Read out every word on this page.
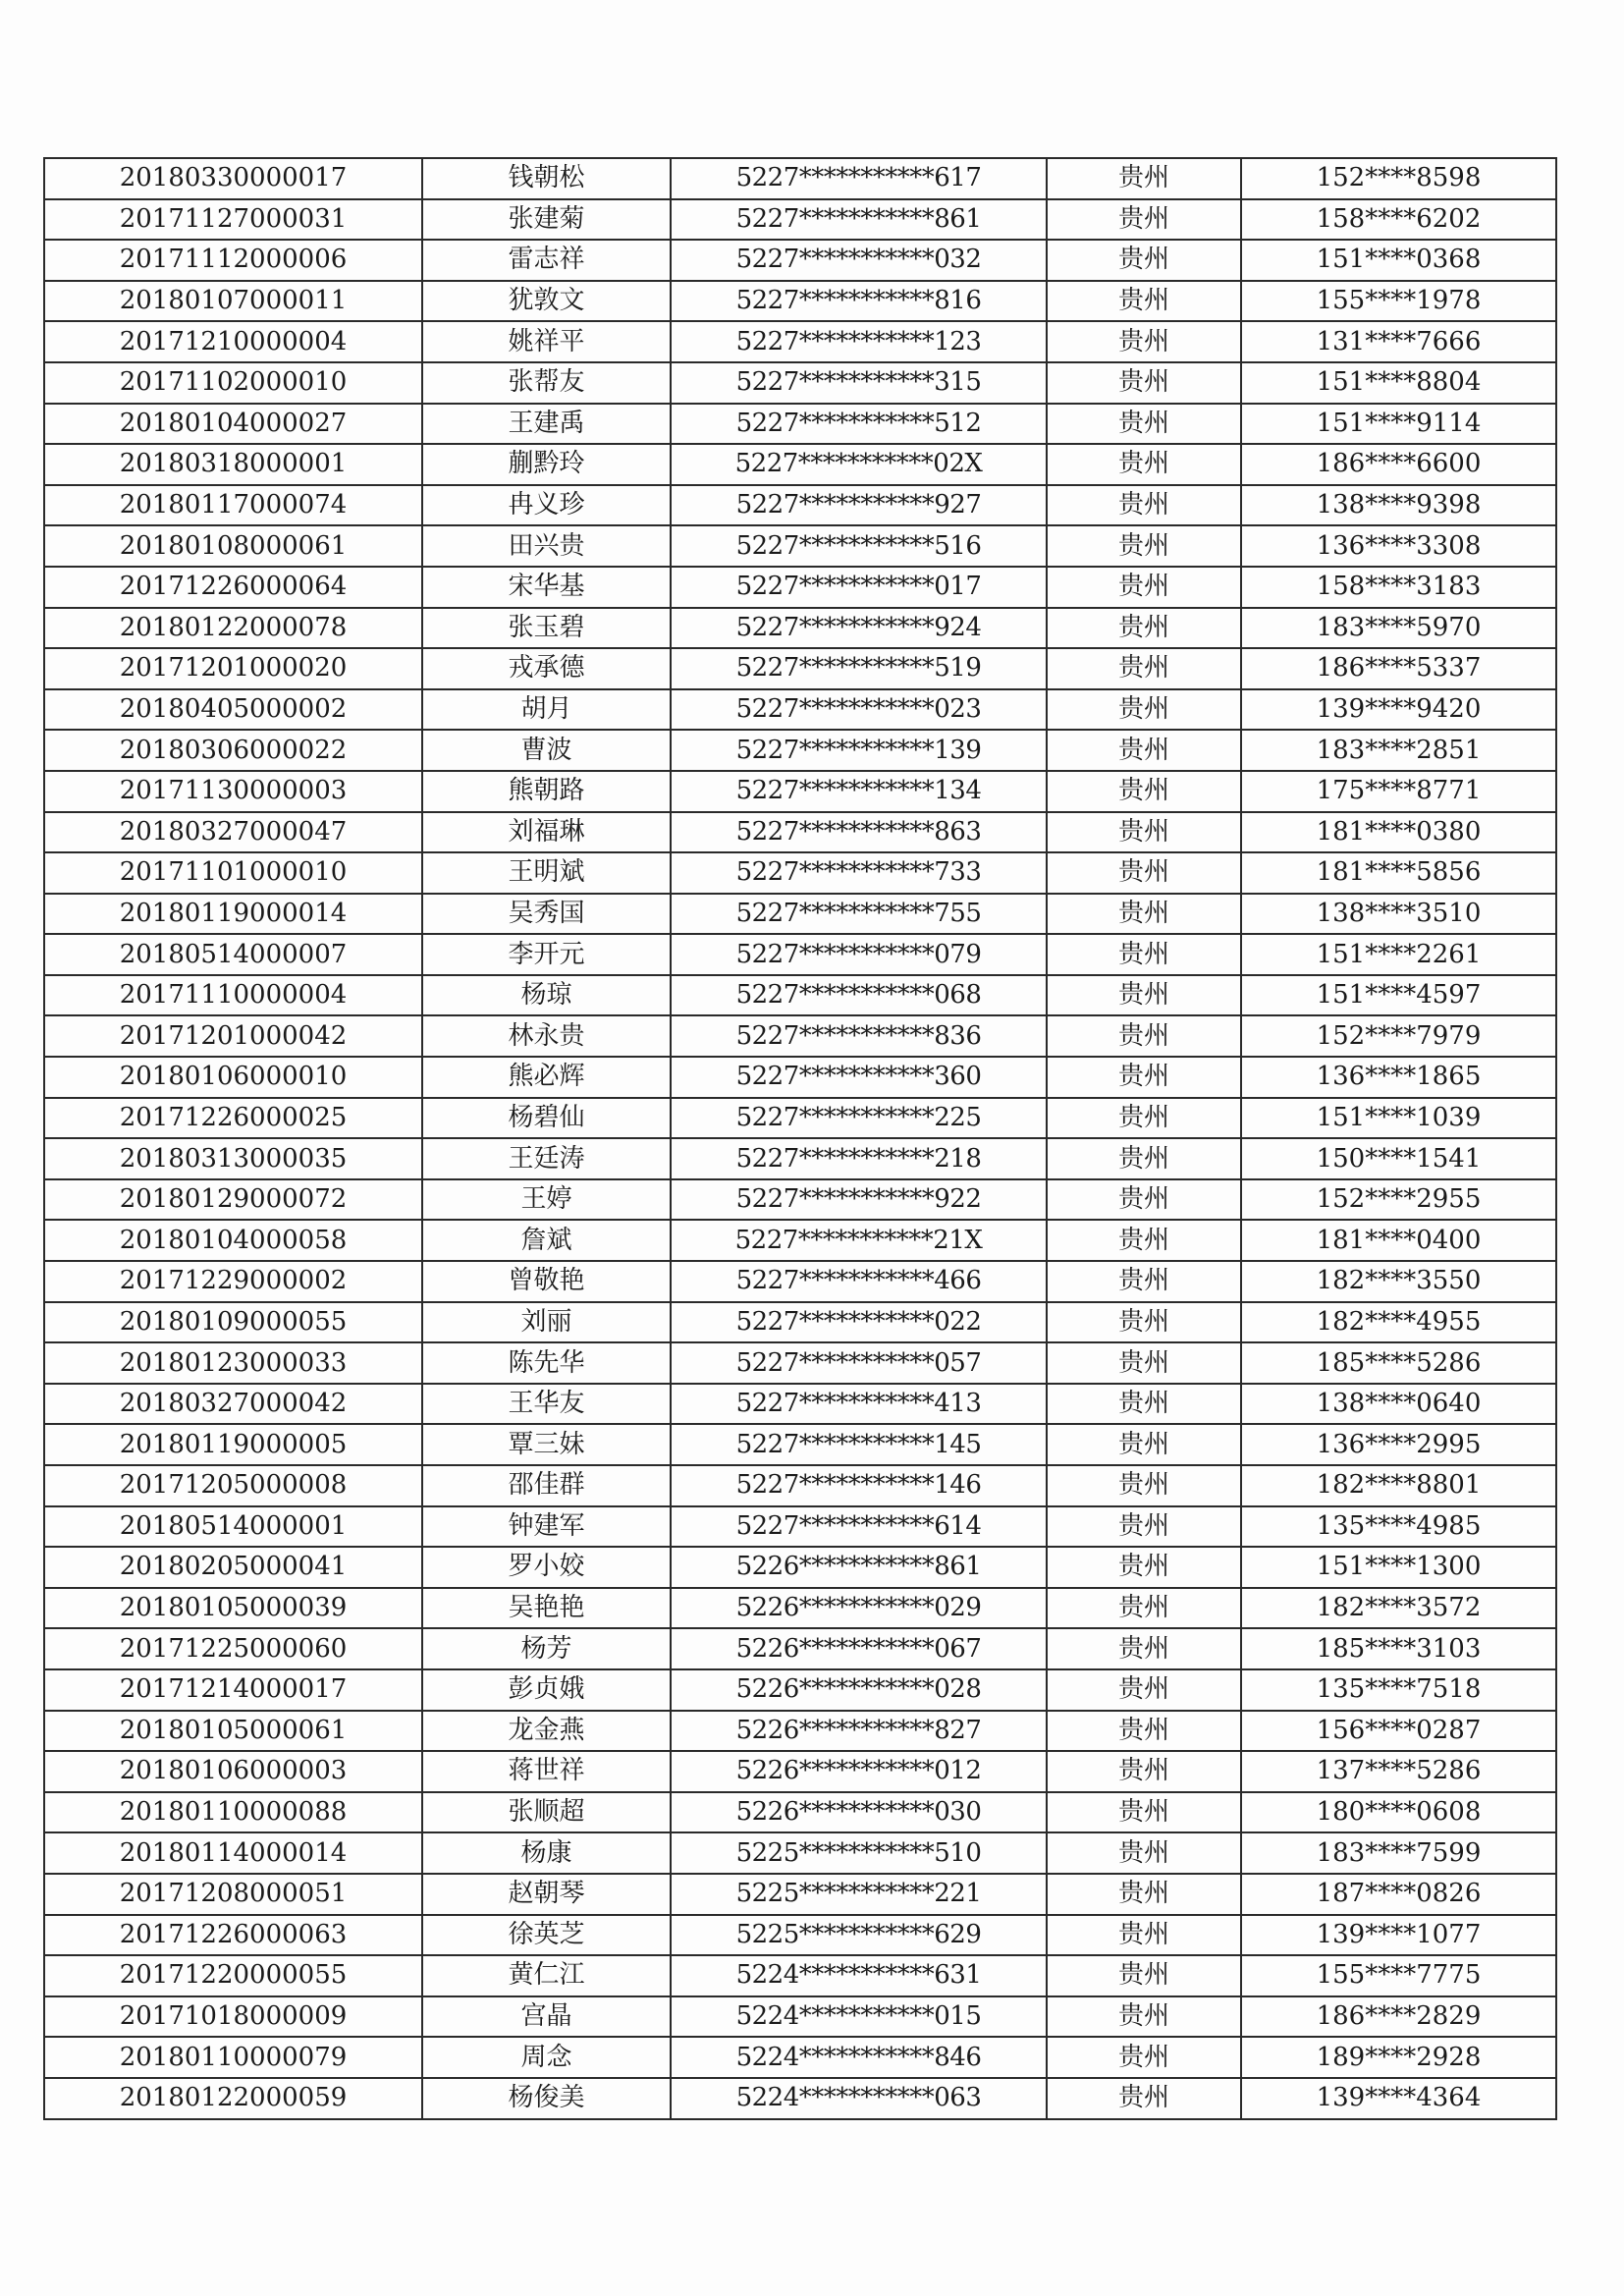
20180330000017	钱朝松	5227***********617	贵州	152****8598
20171127000031	张建菊	5227***********861	贵州	158****6202
20171112000006	雷志祥	5227***********032	贵州	151****0368
20180107000011	犹敦文	5227***********816	贵州	155****1978
20171210000004	姚祥平	5227***********123	贵州	131****7666
20171102000010	张帮友	5227***********315	贵州	151****8804
20180104000027	王建禹	5227***********512	贵州	151****9114
20180318000001	蒯黔玲	5227***********02X	贵州	186****6600
20180117000074	冉义珍	5227***********927	贵州	138****9398
20180108000061	田兴贵	5227***********516	贵州	136****3308
20171226000064	宋华基	5227***********017	贵州	158****3183
20180122000078	张玉碧	5227***********924	贵州	183****5970
20171201000020	戎承德	5227***********519	贵州	186****5337
20180405000002	胡月	5227***********023	贵州	139****9420
20180306000022	曹波	5227***********139	贵州	183****2851
20171130000003	熊朝路	5227***********134	贵州	175****8771
20180327000047	刘福琳	5227***********863	贵州	181****0380
20171101000010	王明斌	5227***********733	贵州	181****5856
20180119000014	吴秀国	5227***********755	贵州	138****3510
20180514000007	李开元	5227***********079	贵州	151****2261
20171110000004	杨琼	5227***********068	贵州	151****4597
20171201000042	林永贵	5227***********836	贵州	152****7979
20180106000010	熊必辉	5227***********360	贵州	136****1865
20171226000025	杨碧仙	5227***********225	贵州	151****1039
20180313000035	王廷涛	5227***********218	贵州	150****1541
20180129000072	王婷	5227***********922	贵州	152****2955
20180104000058	詹斌	5227***********21X	贵州	181****0400
20171229000002	曾敬艳	5227***********466	贵州	182****3550
20180109000055	刘丽	5227***********022	贵州	182****4955
20180123000033	陈先华	5227***********057	贵州	185****5286
20180327000042	王华友	5227***********413	贵州	138****0640
20180119000005	覃三妹	5227***********145	贵州	136****2995
20171205000008	邵佳群	5227***********146	贵州	182****8801
20180514000001	钟建军	5227***********614	贵州	135****4985
20180205000041	罗小姣	5226***********861	贵州	151****1300
20180105000039	吴艳艳	5226***********029	贵州	182****3572
20171225000060	杨芳	5226***********067	贵州	185****3103
20171214000017	彭贞娥	5226***********028	贵州	135****7518
20180105000061	龙金燕	5226***********827	贵州	156****0287
20180106000003	蒋世祥	5226***********012	贵州	137****5286
20180110000088	张顺超	5226***********030	贵州	180****0608
20180114000014	杨康	5225***********510	贵州	183****7599
20171208000051	赵朝琴	5225***********221	贵州	187****0826
20171226000063	徐英芝	5225***********629	贵州	139****1077
20171220000055	黄仁江	5224***********631	贵州	155****7775
20171018000009	宫晶	5224***********015	贵州	186****2829
20180110000079	周念	5224***********846	贵州	189****2928
20180122000059	杨俊美	5224***********063	贵州	139****4364
